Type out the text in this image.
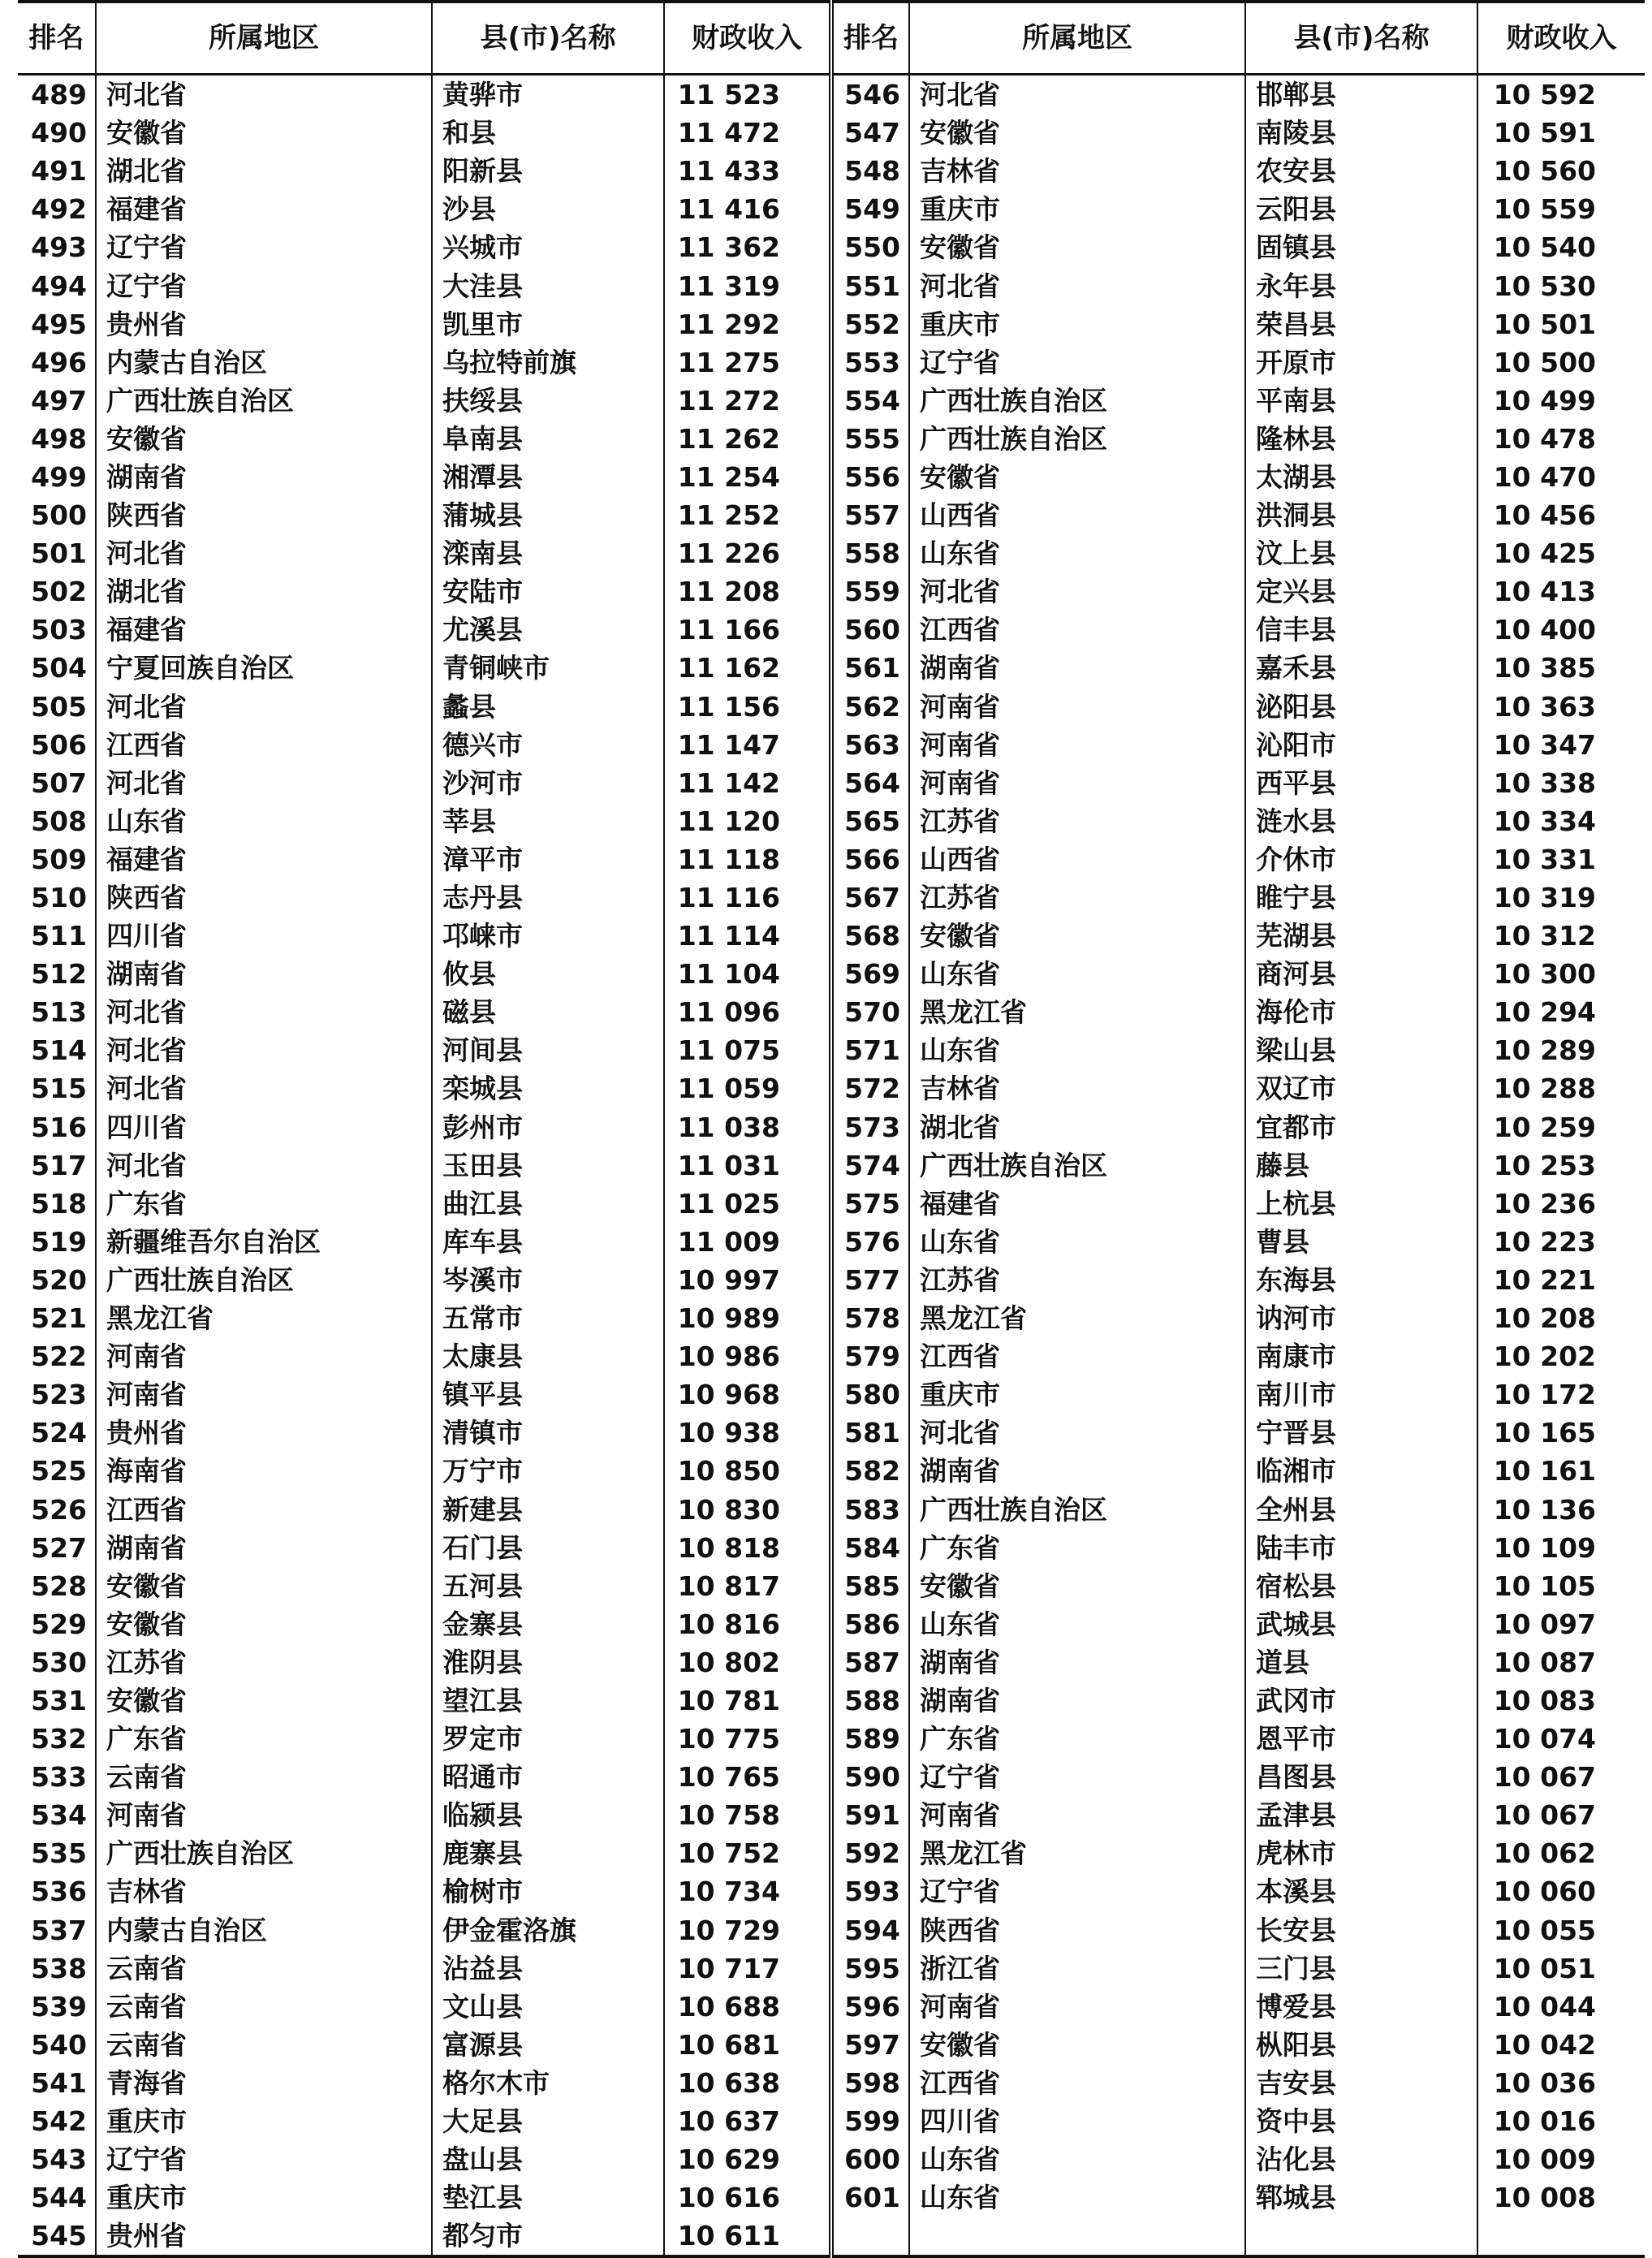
排名	所属地区	县(市)名称	财政收入	排名	所属地区	县(市)名称	财政收入
489	河北省	黄骅市	11 523	546	河北省	邯郸县	10 592
490	安徽省	和县	11 472	547	安徽省	南陵县	10 591
491	湖北省	阳新县	11 433	548	吉林省	农安县	10 560
492	福建省	沙县	11 416	549	重庆市	云阳县	10 559
493	辽宁省	兴城市	11 362	550	安徽省	固镇县	10 540
494	辽宁省	大洼县	11 319	551	河北省	永年县	10 530
495	贵州省	凯里市	11 292	552	重庆市	荣昌县	10 501
496	内蒙古自治区	乌拉特前旗	11 275	553	辽宁省	开原市	10 500
497	广西壮族自治区	扶绥县	11 272	554	广西壮族自治区	平南县	10 499
498	安徽省	阜南县	11 262	555	广西壮族自治区	隆林县	10 478
499	湖南省	湘潭县	11 254	556	安徽省	太湖县	10 470
500	陕西省	蒲城县	11 252	557	山西省	洪洞县	10 456
501	河北省	滦南县	11 226	558	山东省	汶上县	10 425
502	湖北省	安陆市	11 208	559	河北省	定兴县	10 413
503	福建省	尤溪县	11 166	560	江西省	信丰县	10 400
504	宁夏回族自治区	青铜峡市	11 162	561	湖南省	嘉禾县	10 385
505	河北省	蠡县	11 156	562	河南省	泌阳县	10 363
506	江西省	德兴市	11 147	563	河南省	沁阳市	10 347
507	河北省	沙河市	11 142	564	河南省	西平县	10 338
508	山东省	莘县	11 120	565	江苏省	涟水县	10 334
509	福建省	漳平市	11 118	566	山西省	介休市	10 331
510	陕西省	志丹县	11 116	567	江苏省	睢宁县	10 319
511	四川省	邛崃市	11 114	568	安徽省	芜湖县	10 312
512	湖南省	攸县	11 104	569	山东省	商河县	10 300
513	河北省	磁县	11 096	570	黑龙江省	海伦市	10 294
514	河北省	河间县	11 075	571	山东省	梁山县	10 289
515	河北省	栾城县	11 059	572	吉林省	双辽市	10 288
516	四川省	彭州市	11 038	573	湖北省	宜都市	10 259
517	河北省	玉田县	11 031	574	广西壮族自治区	藤县	10 253
518	广东省	曲江县	11 025	575	福建省	上杭县	10 236
519	新疆维吾尔自治区	库车县	11 009	576	山东省	曹县	10 223
520	广西壮族自治区	岑溪市	10 997	577	江苏省	东海县	10 221
521	黑龙江省	五常市	10 989	578	黑龙江省	讷河市	10 208
522	河南省	太康县	10 986	579	江西省	南康市	10 202
523	河南省	镇平县	10 968	580	重庆市	南川市	10 172
524	贵州省	清镇市	10 938	581	河北省	宁晋县	10 165
525	海南省	万宁市	10 850	582	湖南省	临湘市	10 161
526	江西省	新建县	10 830	583	广西壮族自治区	全州县	10 136
527	湖南省	石门县	10 818	584	广东省	陆丰市	10 109
528	安徽省	五河县	10 817	585	安徽省	宿松县	10 105
529	安徽省	金寨县	10 816	586	山东省	武城县	10 097
530	江苏省	淮阴县	10 802	587	湖南省	道县	10 087
531	安徽省	望江县	10 781	588	湖南省	武冈市	10 083
532	广东省	罗定市	10 775	589	广东省	恩平市	10 074
533	云南省	昭通市	10 765	590	辽宁省	昌图县	10 067
534	河南省	临颍县	10 758	591	河南省	孟津县	10 067
535	广西壮族自治区	鹿寨县	10 752	592	黑龙江省	虎林市	10 062
536	吉林省	榆树市	10 734	593	辽宁省	本溪县	10 060
537	内蒙古自治区	伊金霍洛旗	10 729	594	陕西省	长安县	10 055
538	云南省	沾益县	10 717	595	浙江省	三门县	10 051
539	云南省	文山县	10 688	596	河南省	博爱县	10 044
540	云南省	富源县	10 681	597	安徽省	枞阳县	10 042
541	青海省	格尔木市	10 638	598	江西省	吉安县	10 036
542	重庆市	大足县	10 637	599	四川省	资中县	10 016
543	辽宁省	盘山县	10 629	600	山东省	沾化县	10 009
544	重庆市	垫江县	10 616	601	山东省	郓城县	10 008
545	贵州省	都匀市	10 611				
